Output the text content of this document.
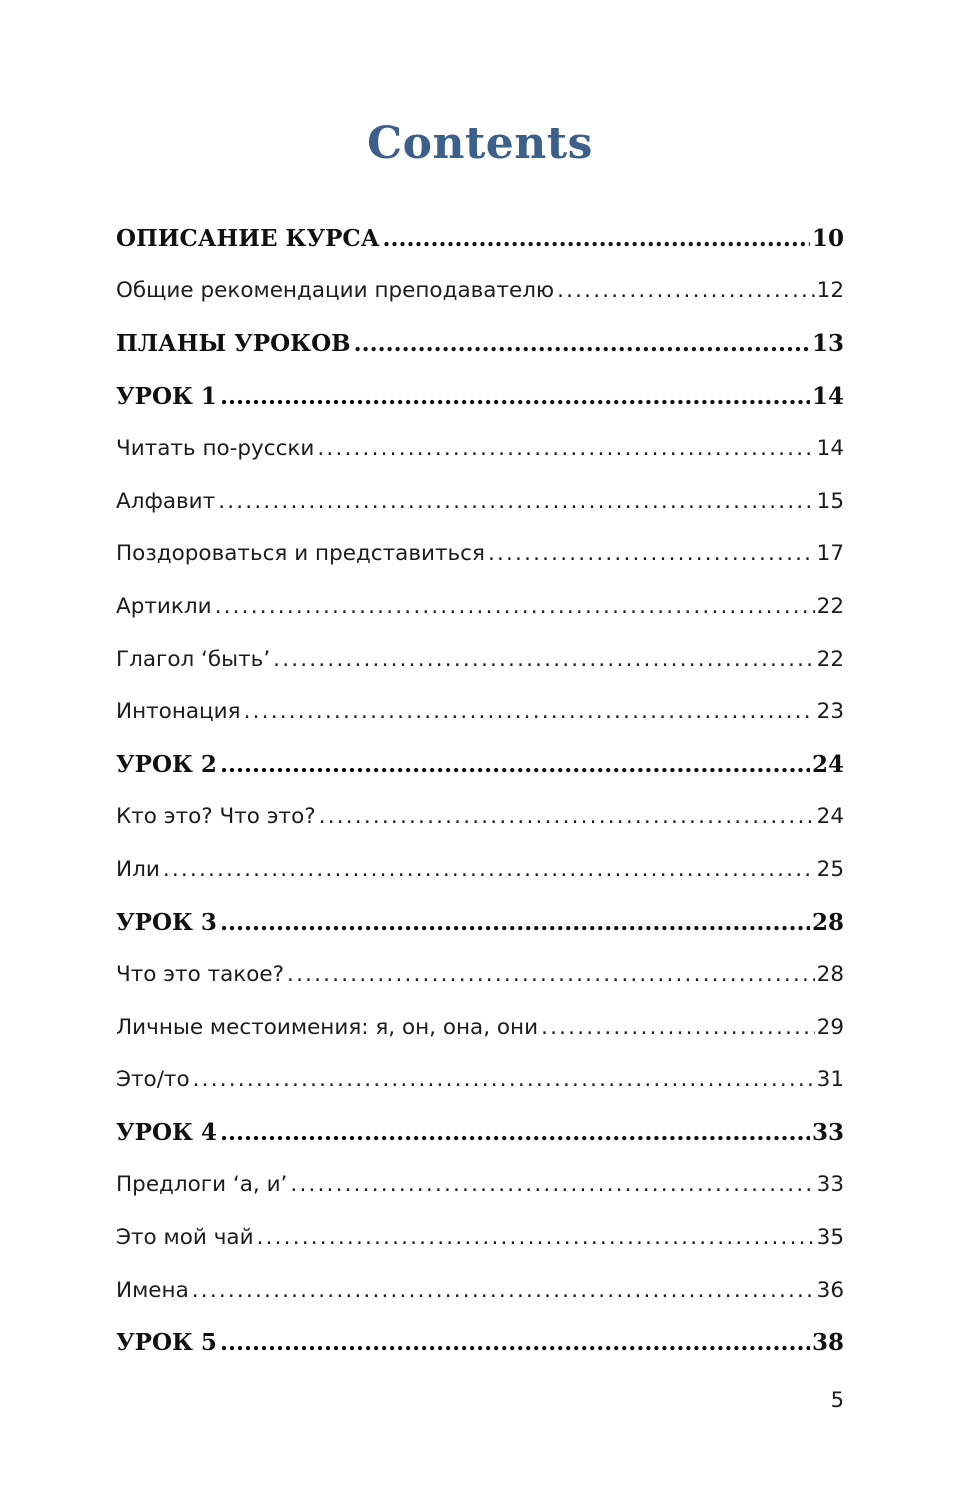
Contents
ОПИСАНИЕ КУРСА .....	10
Общие рекомендации преподавателю .....	12
ПЛАНЫ УРОКОВ .....	13
УРОК 1 .....	14
Читать по-русски .....	14
Алфавит .....	15
Поздороваться и представиться .....	17
Артикли .....	22
Глагол ‘быть’ .....	22
Интонация .....	23
УРОК 2 .....	24
Кто это? Что это? .....	24
Или .....	25
УРОК 3 .....	28
Что это такое? .....	28
Личные местоимения: я, он, она, они .....	29
Это/то .....	31
УРОК 4 .....	33
Предлоги ‘а, и’ .....	33
Это мой чай .....	35
Имена .....	36
УРОК 5 .....	38
5
